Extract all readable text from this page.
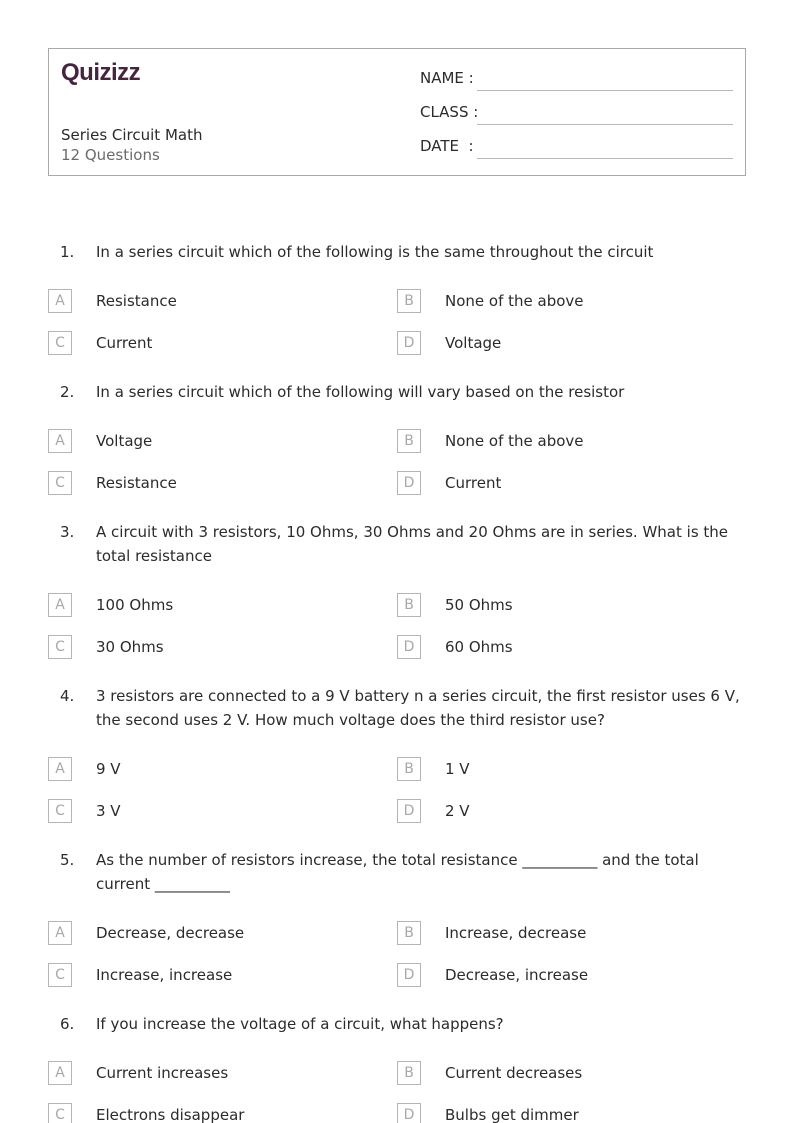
Quizizz
Series Circuit Math
12 Questions
NAME :
CLASS :
DATE  :
1. In a series circuit which of the following is the same throughout the circuit
A	Resistance	B	None of the above
C	Current	D	Voltage
2. In a series circuit which of the following will vary based on the resistor
A	Voltage	B	None of the above
C	Resistance	D	Current
3. A circuit with 3 resistors, 10 Ohms, 30 Ohms and 20 Ohms are in series. What is the total resistance
A	100 Ohms	B	50 Ohms
C	30 Ohms	D	60 Ohms
4. 3 resistors are connected to a 9 V battery n a series circuit, the first resistor uses 6 V, the second uses 2 V. How much voltage does the third resistor use?
A	9 V	B	1 V
C	3 V	D	2 V
5. As the number of resistors increase, the total resistance __________ and the total current __________
A	Decrease, decrease	B	Increase, decrease
C	Increase, increase	D	Decrease, increase
6. If you increase the voltage of a circuit, what happens?
A	Current increases	B	Current decreases
C	Electrons disappear	D	Bulbs get dimmer
